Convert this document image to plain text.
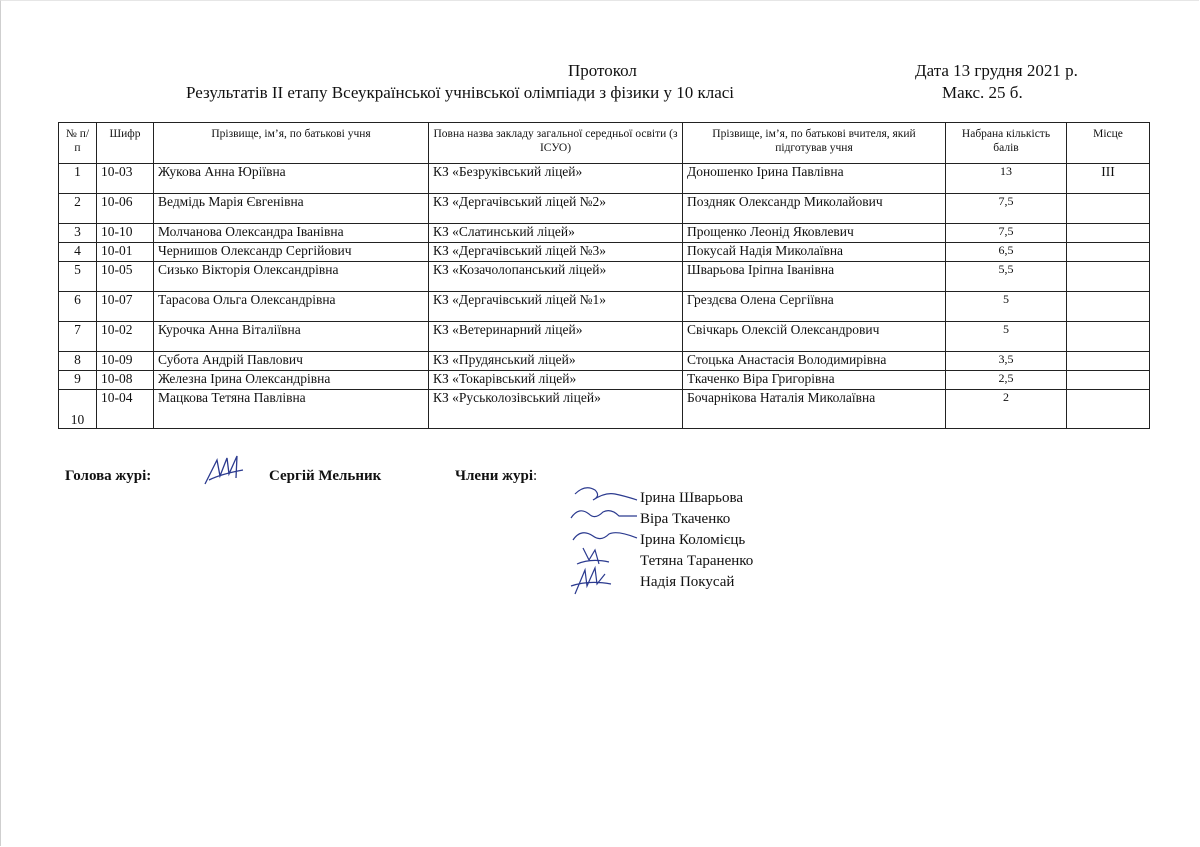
Протокол
Результатів II етапу Всеукраїнської учнівської олімпіади з фізики у 10 класі
Дата 13 грудня 2021 р.
Макс. 25 б.
№ п/п	Шифр	Прізвище, ім’я, по батькові учня	Повна назва закладу загальної середньої освіти (з ІСУО)	Прізвище, ім’я, по батькові вчителя, який підготував учня	Набрана кількість балів	Місце
1	10-03	Жукова Анна Юріївна	КЗ «Безруківський ліцей»	Доношенко Ірина Павлівна	13	III
2	10-06	Ведмідь Марія Євгенівна	КЗ «Дергачівський ліцей №2»	Поздняк Олександр Миколайович	7,5	
3	10-10	Молчанова Олександра Іванівна	КЗ «Слатинський ліцей»	Прощенко Леонід Яковлевич	7,5	
4	10-01	Чернишов Олександр Сергійович	КЗ «Дергачівський ліцей №3»	Покусай Надія Миколаївна	6,5	
5	10-05	Сизько Вікторія Олександрівна	КЗ «Козачолопанський ліцей»	Шварьова Іріпна Іванівна	5,5	
6	10-07	Тарасова Ольга Олександрівна	КЗ «Дергачівський ліцей №1»	Грездєва Олена Сергіївна	5	
7	10-02	Курочка Анна Віталіївна	КЗ «Ветеринарний ліцей»	Свічкарь Олексій Олександрович	5	
8	10-09	Субота Андрій Павлович	КЗ «Прудянський ліцей»	Стоцька Анастасія Володимирівна	3,5	
9	10-08	Железна Ірина Олександрівна	КЗ «Токарівський ліцей»	Ткаченко Віра Григорівна	2,5	
10	10-04	Мацкова Тетяна Павлівна	КЗ «Руськолозівський ліцей»	Бочарнікова Наталія Миколаївна	2	
Голова журі:	Сергій Мельник	Члени журі:
Ірина Шварьова
Віра Ткаченко
Ірина Коломієць
Тетяна Тараненко
Надія Покусай
